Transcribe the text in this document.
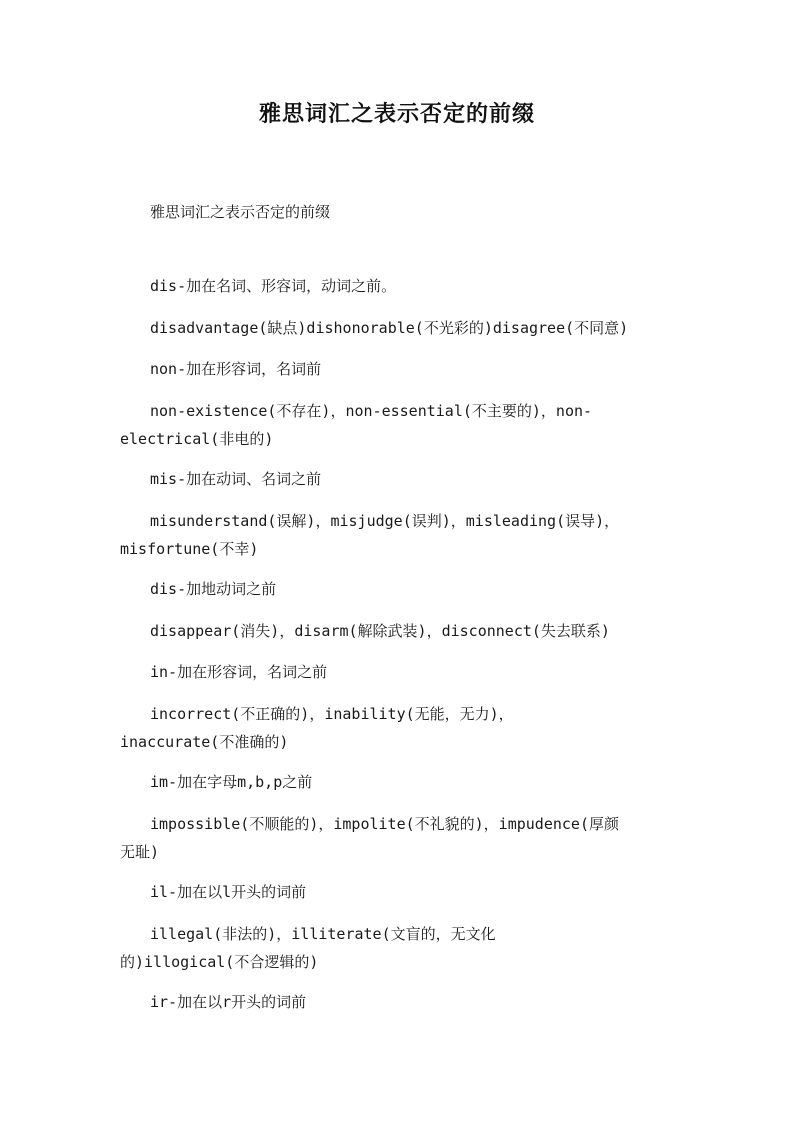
雅思词汇之表示否定的前缀
雅思词汇之表示否定的前缀
dis-加在名词、形容词，动词之前。
disadvantage(缺点)dishonorable(不光彩的)disagree(不同意)
non-加在形容词，名词前
non-existence(不存在)，non-essential(不主要的)，non-
electrical(非电的)
mis-加在动词、名词之前
misunderstand(误解)，misjudge(误判)，misleading(误导)，
misfortune(不幸)
dis-加地动词之前
disappear(消失)，disarm(解除武装)，disconnect(失去联系)
in-加在形容词，名词之前
incorrect(不正确的)，inability(无能，无力)，
inaccurate(不准确的)
im-加在字母m,b,p之前
impossible(不顺能的)，impolite(不礼貌的)，impudence(厚颜
无耻)
il-加在以l开头的词前
illegal(非法的)，illiterate(文盲的，无文化
的)illogical(不合逻辑的)
ir-加在以r开头的词前
